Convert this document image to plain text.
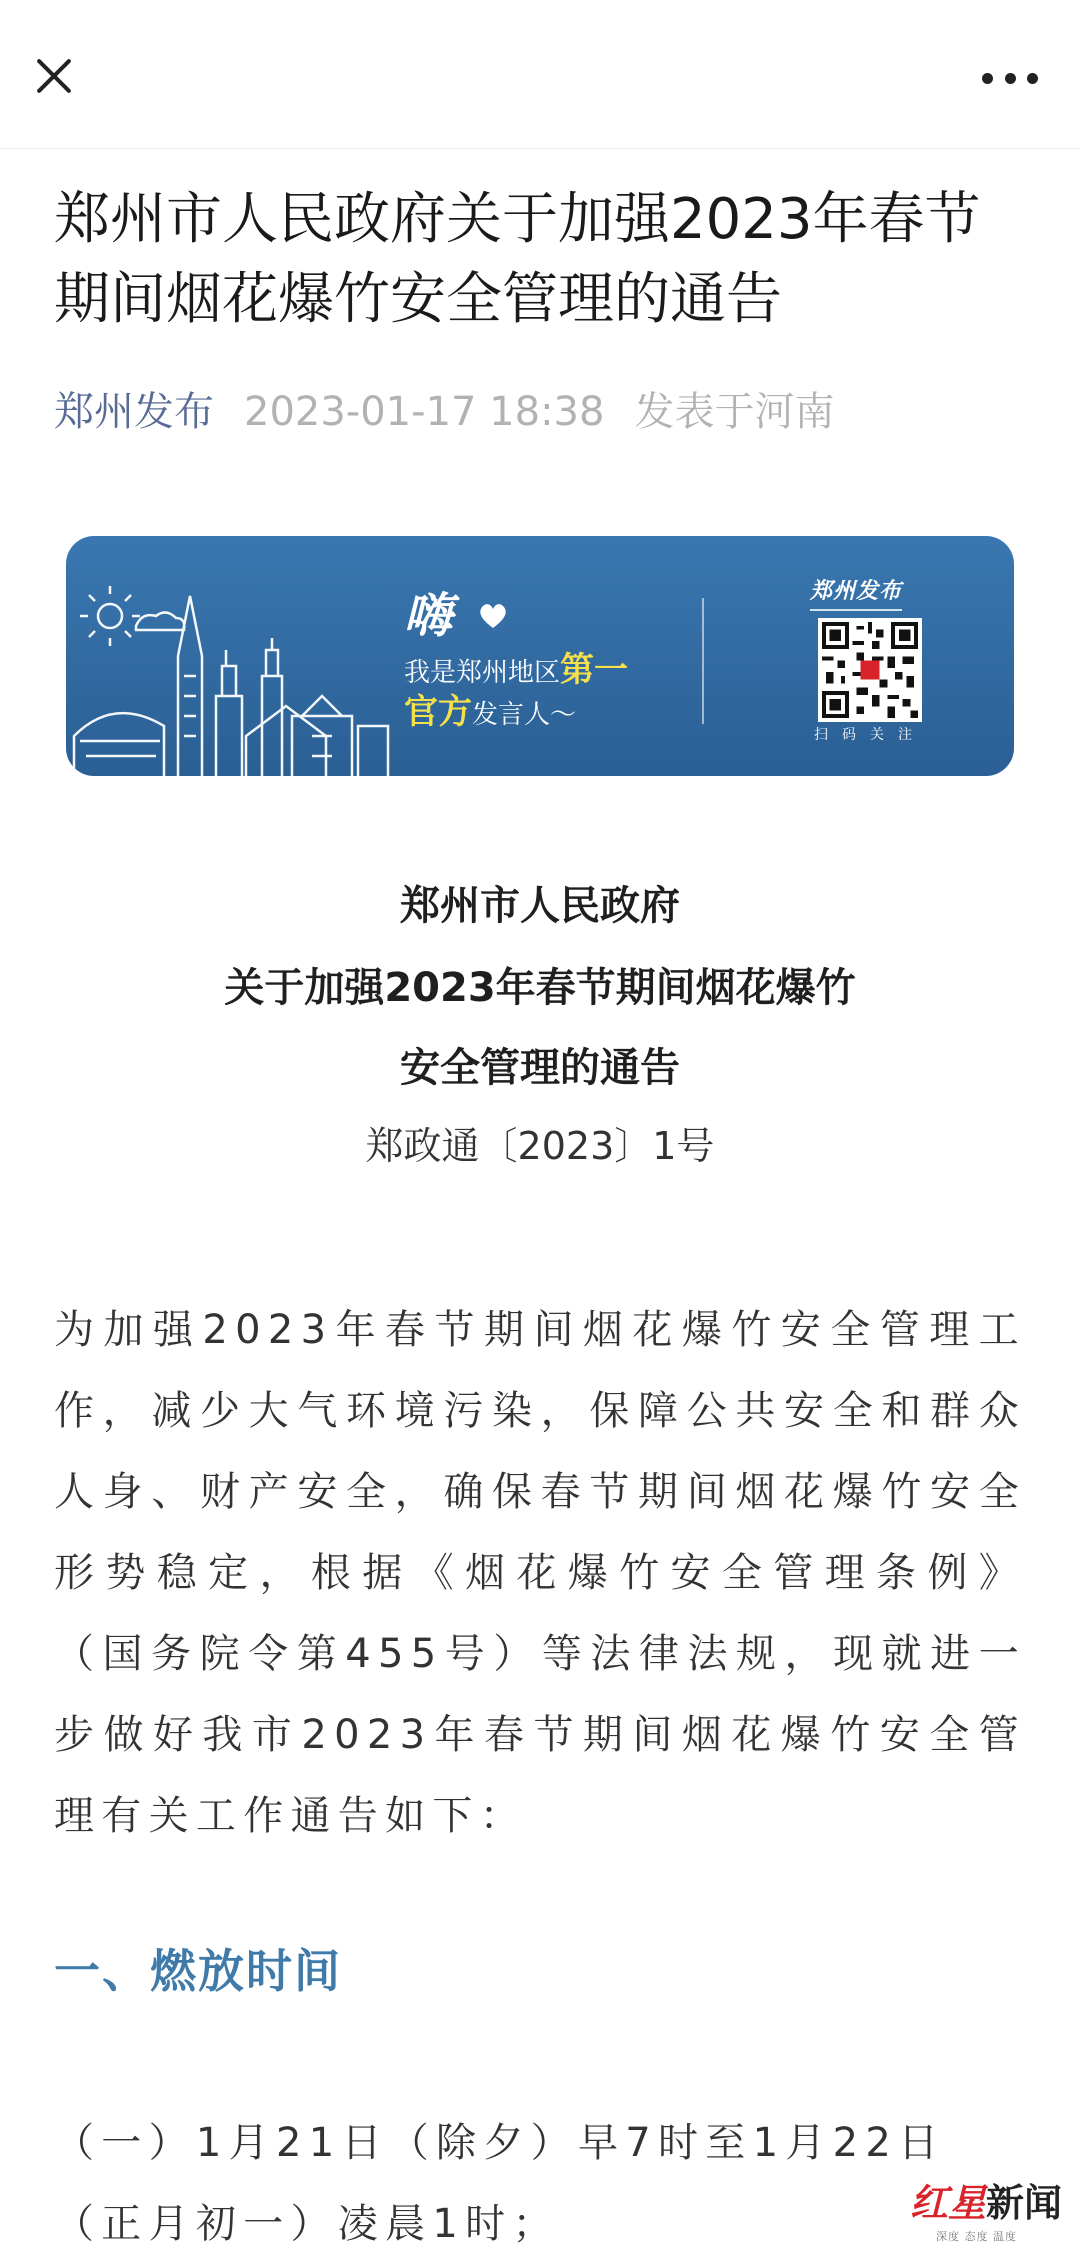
郑州市人民政府关于加强2023年春节期间烟花爆竹安全管理的通告
郑州发布 2023-01-17 18:38 发表于河南
嗨
我是郑州地区第一
官方发言人～
郑州发布
扫码关注
郑州市人民政府
关于加强2023年春节期间烟花爆竹
安全管理的通告
郑政通〔2023〕1号

为加强2023年春节期间烟花爆竹安全管理工作，减少大气环境污染，保障公共安全和群众人身、财产安全，确保春节期间烟花爆竹安全形势稳定，根据《烟花爆竹安全管理条例》（国务院令第455号）等法律法规，现就进一步做好我市2023年春节期间烟花爆竹安全管理有关工作通告如下：

一、燃放时间

（一）1月21日（除夕）早7时至1月22日（正月初一）凌晨1时；	红星新闻
深度 态度 温度
